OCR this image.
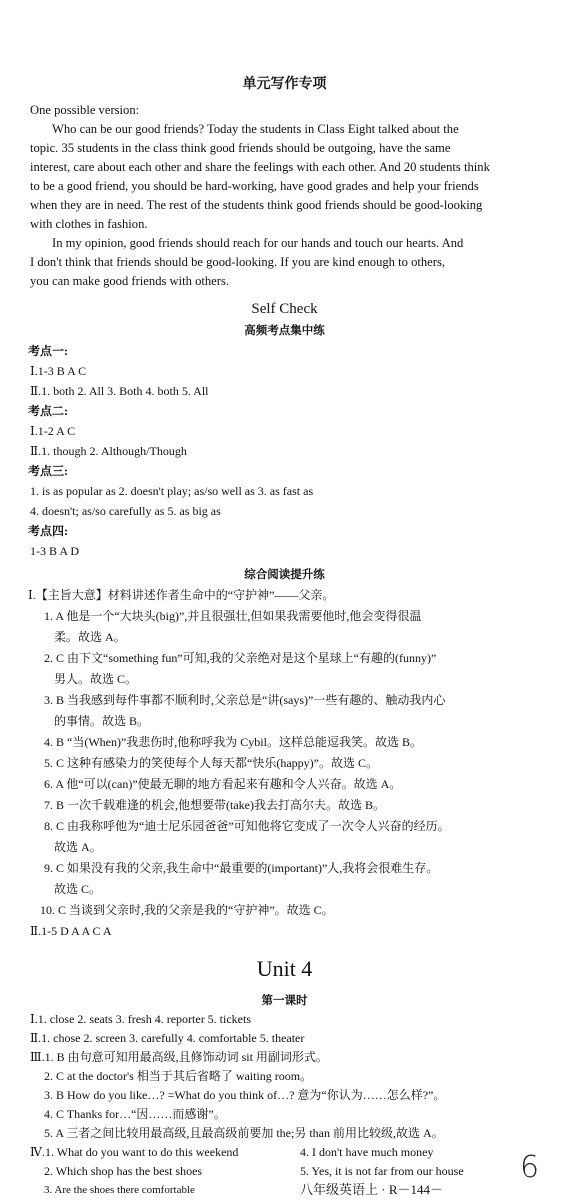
单元写作专项
One possible version:
Who can be our good friends? Today the students in Class Eight talked about the
topic. 35 students in the class think good friends should be outgoing, have the same
interest, care about each other and share the feelings with each other. And 20 students think
to be a good friend, you should be hard-working, have good grades and help your friends
when they are in need. The rest of the students think good friends should be good-looking
with clothes in fashion.
In my opinion, good friends should reach for our hands and touch our hearts. And
I don't think that friends should be good-looking. If you are kind enough to others,
you can make good friends with others.
Self Check
高频考点集中练
考点一:
Ⅰ.1-3 B A C
Ⅱ.1. both 2. All 3. Both 4. both 5. All
考点二:
Ⅰ.1-2 A C
Ⅱ.1. though 2. Although/Though
考点三:
1. is as popular as 2. doesn't play; as/so well as 3. as fast as
4. doesn't; as/so carefully as 5. as big as
考点四:
1-3 B A D
综合阅读提升练
Ⅰ.【主旨大意】材料讲述作者生命中的“守护神”——父亲。
1. A 他是一个“大块头(big)”,并且很强壮,但如果我需要他时,他会变得很温
柔。故选 A。
2. C 由下文“something fun”可知,我的父亲绝对是这个星球上“有趣的(funny)”
男人。故选 C。
3. B 当我感到每件事都不顺利时,父亲总是“讲(says)”一些有趣的、触动我内心
的事情。故选 B。
4. B “当(When)”我悲伤时,他称呼我为 Cybil。这样总能逗我笑。故选 B。
5. C 这种有感染力的笑使每个人每天都“快乐(happy)”。故选 C。
6. A 他“可以(can)”使最无聊的地方看起来有趣和令人兴奋。故选 A。
7. B 一次千载难逢的机会,他想要带(take)我去打高尔夫。故选 B。
8. C 由我称呼他为“迪士尼乐园爸爸”可知他将它变成了一次令人兴奋的经历。
故选 A。
9. C 如果没有我的父亲,我生命中“最重要的(important)”人,我将会很难生存。
故选 C。
10. C 当谈到父亲时,我的父亲是我的“守护神”。故选 C。
Ⅱ.1-5 D A A C A
Unit 4
第一课时
Ⅰ.1. close 2. seats 3. fresh 4. reporter 5. tickets
Ⅱ.1. chose 2. screen 3. carefully 4. comfortable 5. theater
Ⅲ.1. B 由句意可知用最高级,且修饰动词 sit 用副词形式。
2. C at the doctor's 相当于其后省略了 waiting room。
3. B How do you like…? =What do you think of…? 意为“你认为……怎么样?”。
4. C Thanks for…“因……而感谢”。
5. A 三者之间比较用最高级,且最高级前要加 the;另 than 前用比较级,故选 A。
Ⅳ.1. What do you want to do this weekend
2. Which shop has the best shoes
3. Are the shoes there comfortable
4. I don't have much money
5. Yes, it is not far from our house
八年级英语上 · R－144－
6
